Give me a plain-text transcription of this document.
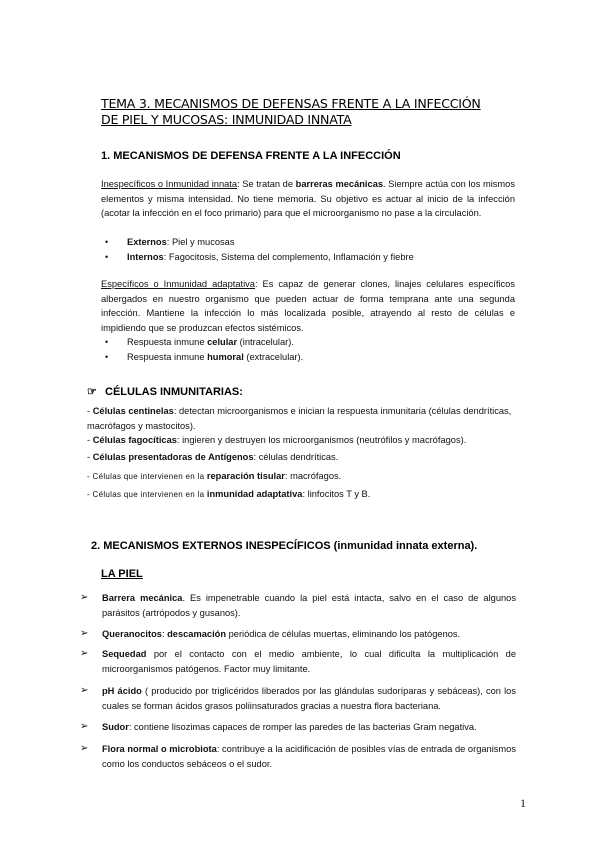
TEMA 3. MECANISMOS DE DEFENSAS FRENTE A LA INFECCIÓN
DE PIEL Y MUCOSAS: INMUNIDAD INNATA
1. MECANISMOS DE DEFENSA FRENTE A LA INFECCIÓN
Inespecíficos o Inmunidad innata: Se tratan de barreras mecánicas. Siempre actúa con los mismos elementos y misma intensidad. No tiene memoria. Su objetivo es actuar al inicio de la infección (acotar la infección en el foco primario) para que el microorganismo no pase a la circulación.
•	Externos: Piel y mucosas
•	Internos: Fagocitosis, Sistema del complemento, Inflamación y fiebre
Específicos o Inmunidad adaptativa: Es capaz de generar clones, linajes celulares específicos albergados en nuestro organismo que pueden actuar de forma temprana ante una segunda infección. Mantiene la infección lo más localizada posible, atrayendo al resto de células e impidiendo que se produzcan efectos sistémicos.
•	Respuesta inmune celular (intracelular).
•	Respuesta inmune humoral (extracelular).
☞ CÉLULAS INMUNITARIAS:
- Células centinelas: detectan microorganismos e inician la respuesta inmunitaria (células dendríticas, macrófagos y mastocitos).
- Células fagocíticas: ingieren y destruyen los microorganismos (neutrófilos y macrófagos).
- Células presentadoras de Antígenos: células dendríticas.
- Células que intervienen en la reparación tisular: macrófagos.
- Células que intervienen en la inmunidad adaptativa: linfocitos T y B.
2. MECANISMOS EXTERNOS INESPECÍFICOS (inmunidad innata externa).
LA PIEL
➢	Barrera mecánica. Es impenetrable cuando la piel está intacta, salvo en el caso de algunos parásitos (artrópodos y gusanos).
➢	Queranocitos: descamación periódica de células muertas, eliminando los patógenos.
➢	Sequedad por el contacto con el medio ambiente, lo cual dificulta la multiplicación de microorganismos patógenos. Factor muy limitante.
➢	pH ácido ( producido por triglicéridos liberados por las glándulas sudoríparas y sebáceas), con los cuales se forman ácidos grasos poliinsaturados gracias a nuestra flora bacteriana.
➢	Sudor: contiene lisozimas capaces de romper las paredes de las bacterias Gram negativa.
➢	Flora normal o microbiota: contribuye a la acidificación de posibles vías de entrada de organismos como los conductos sebáceos o el sudor.
1
